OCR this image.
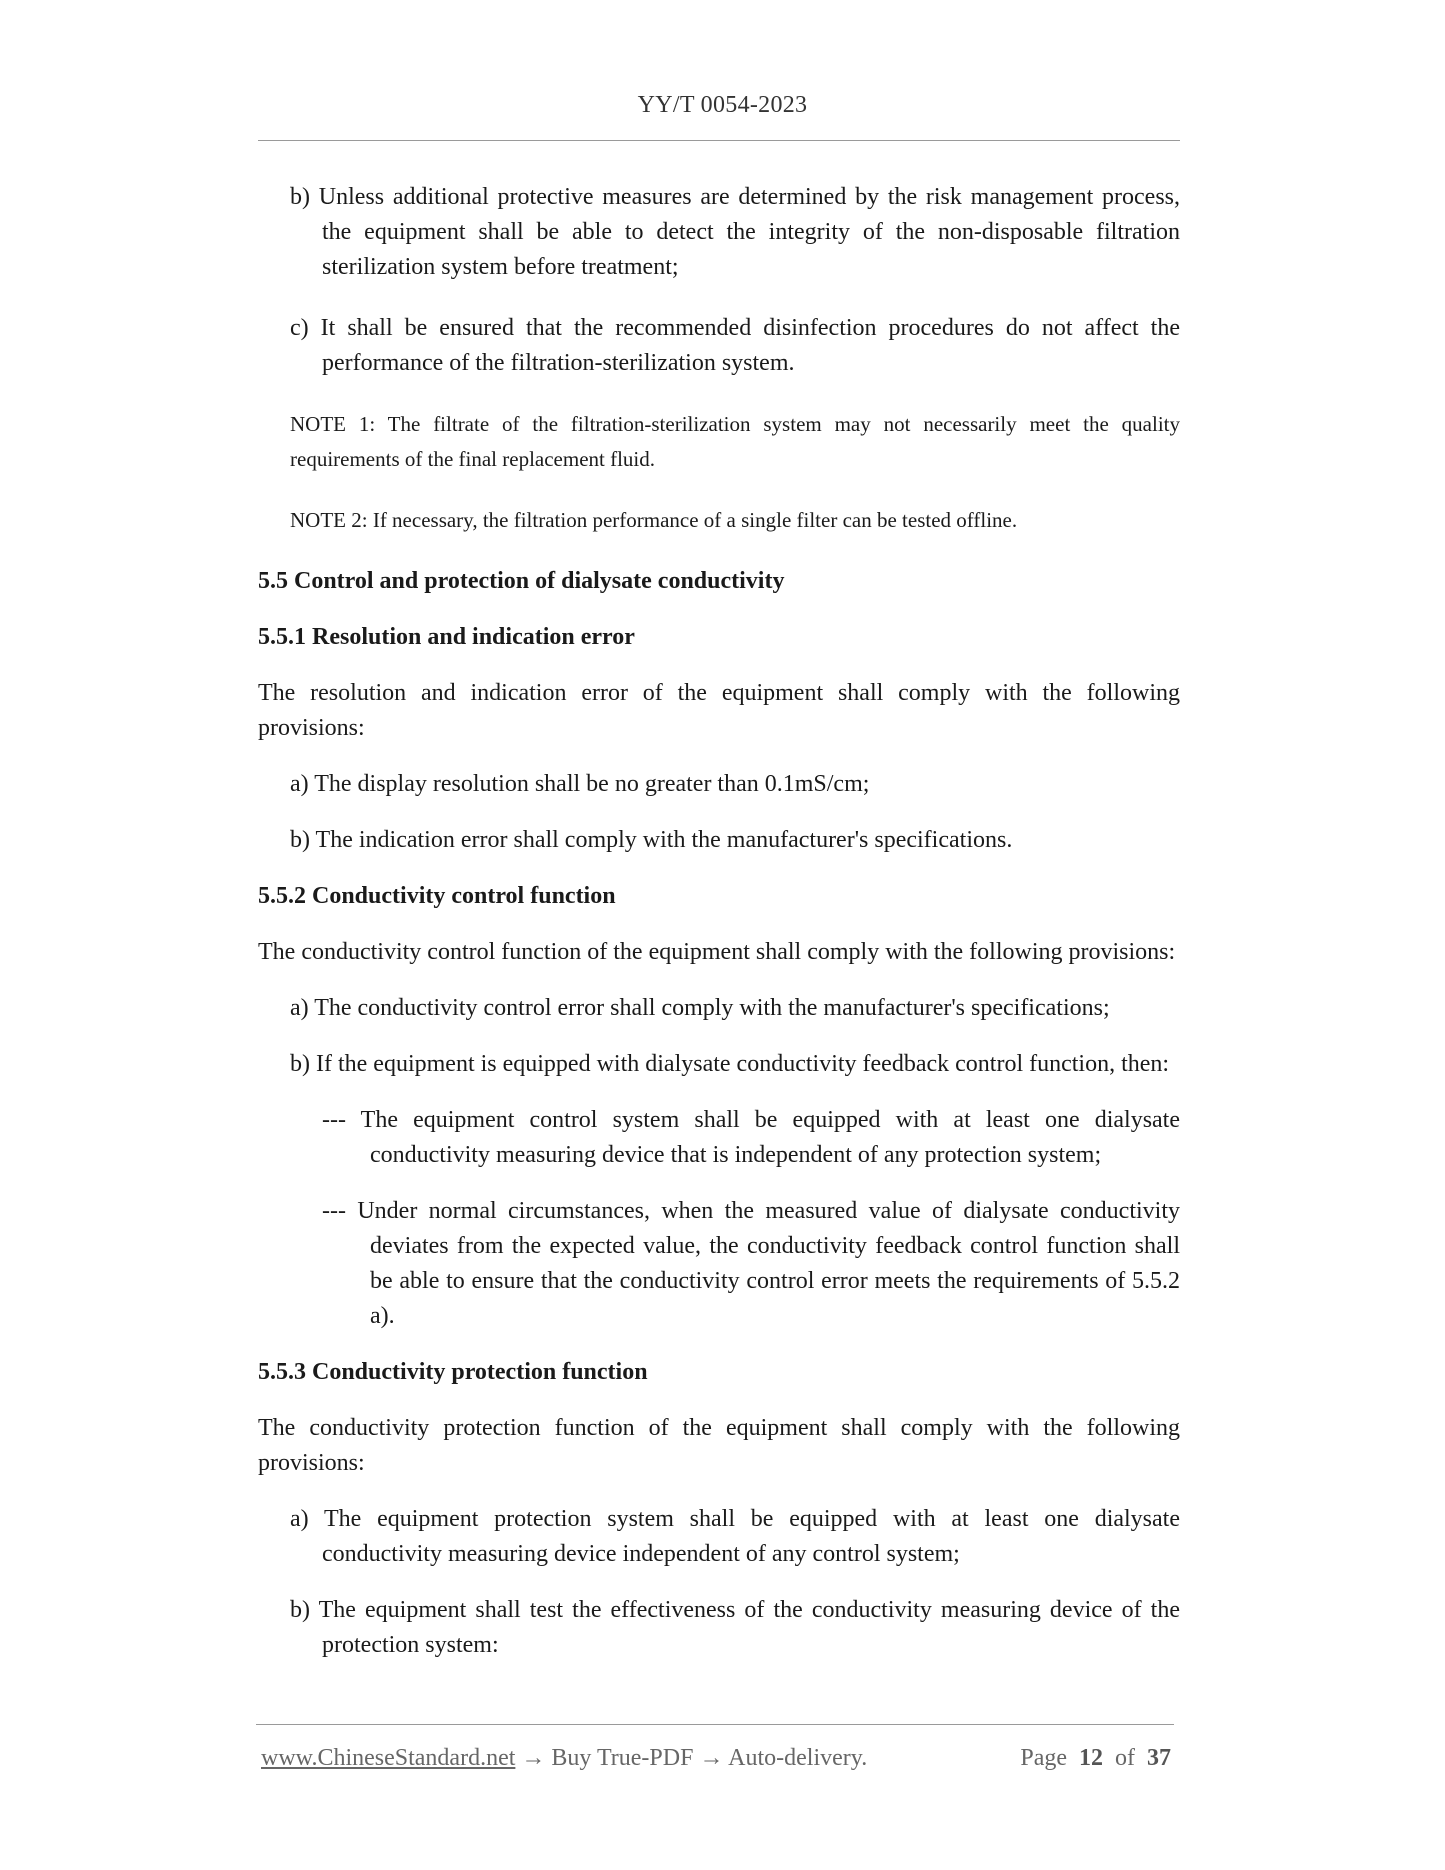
YY/T 0054-2023

b) Unless additional protective measures are determined by the risk management process, the equipment shall be able to detect the integrity of the non-disposable filtration sterilization system before treatment;

c) It shall be ensured that the recommended disinfection procedures do not affect the performance of the filtration-sterilization system.

NOTE 1: The filtrate of the filtration-sterilization system may not necessarily meet the quality requirements of the final replacement fluid.

NOTE 2: If necessary, the filtration performance of a single filter can be tested offline.

5.5 Control and protection of dialysate conductivity

5.5.1 Resolution and indication error

The resolution and indication error of the equipment shall comply with the following provisions:

a) The display resolution shall be no greater than 0.1mS/cm;

b) The indication error shall comply with the manufacturer's specifications.

5.5.2 Conductivity control function

The conductivity control function of the equipment shall comply with the following provisions:

a) The conductivity control error shall comply with the manufacturer's specifications;

b) If the equipment is equipped with dialysate conductivity feedback control function, then:

--- The equipment control system shall be equipped with at least one dialysate conductivity measuring device that is independent of any protection system;

--- Under normal circumstances, when the measured value of dialysate conductivity deviates from the expected value, the conductivity feedback control function shall be able to ensure that the conductivity control error meets the requirements of 5.5.2 a).

5.5.3 Conductivity protection function

The conductivity protection function of the equipment shall comply with the following provisions:

a) The equipment protection system shall be equipped with at least one dialysate conductivity measuring device independent of any control system;

b) The equipment shall test the effectiveness of the conductivity measuring device of the protection system:

www.ChineseStandard.net → Buy True-PDF → Auto-delivery.	Page 12 of 37
